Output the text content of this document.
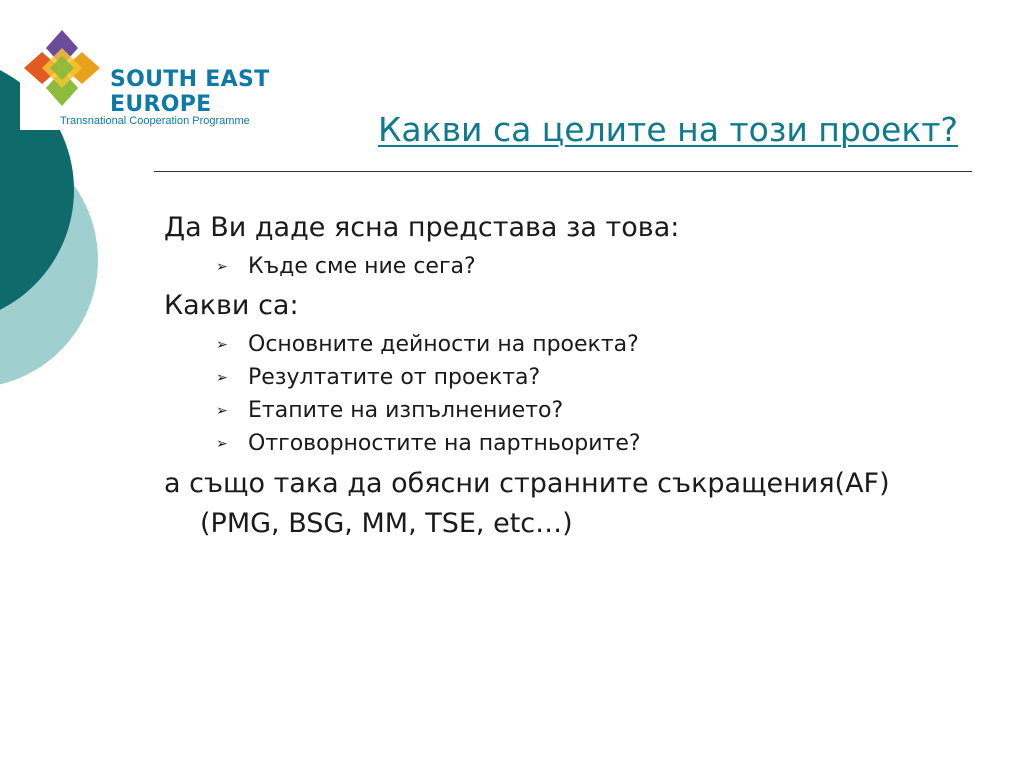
SOUTH EAST
EUROPE
Transnational Cooperation Programme	Какви са целите на този проект?

Да Ви даде ясна представа за това:

➢ Къде сме ние сега?

Какви са:

➢ Основните дейности на проекта?
➢ Резултатите от проекта?
➢ Етапите на изпълнението?
➢ Отговорностите на партньорите?

а също така да обясни странните съкращения(AF)(PMG, BSG, MM, TSE, etc…)
